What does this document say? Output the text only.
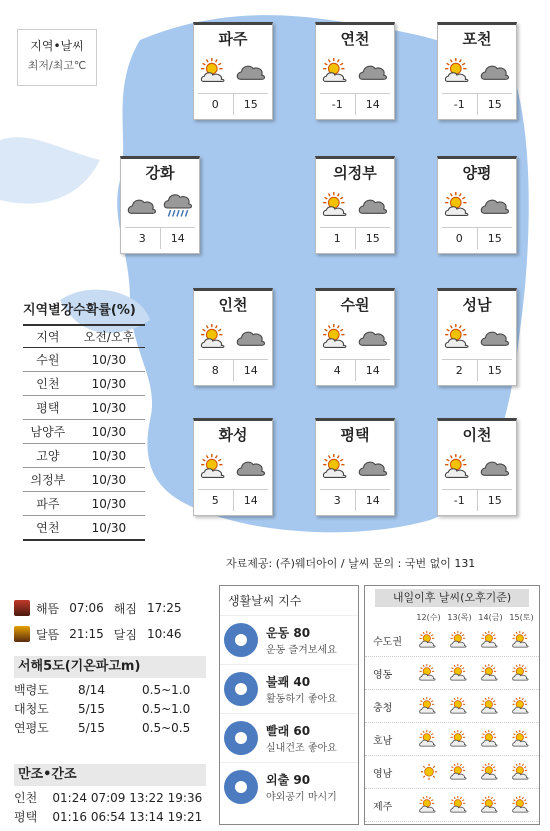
지역•날씨
최저/최고℃
파주
0	15
연천
-1	14
포천
-1	15
강화
3	14
의정부
1	15
양평
0	15
인천
8	14
수원
4	14
성남
2	15
화성
5	14
평택
3	14
이천
-1	15
지역별강수확률(%)
지역	오전/오후
수원	10/30
인천	10/30
평택	10/30
남양주	10/30
고양	10/30
의정부	10/30
파주	10/30
연천	10/30
자료제공: (주)웨더아이 / 날씨 문의 : 국번 없이 131
해뜸 07:06 해짐 17:25
달뜸 21:15 달짐 10:46
서해5도(기온파고m)
백령도	8/14	0.5~1.0
대청도	5/15	0.5~1.0
연평도	5/15	0.5~0.5
만조•간조
인천	01:24 07:09 13:22 19:36
평택	01:16 06:54 13:14 19:21
생활날씨 지수
운동 80
운동 즐겨보세요
불쾌 40
활동하기 좋아요
빨래 60
실내건조 좋아요
외출 90
야외공기 마시기
내일이후 날씨(오후기준)
12(수) 13(목) 14(금) 15(토)
수도권
영동
충청
호남
영남
제주
